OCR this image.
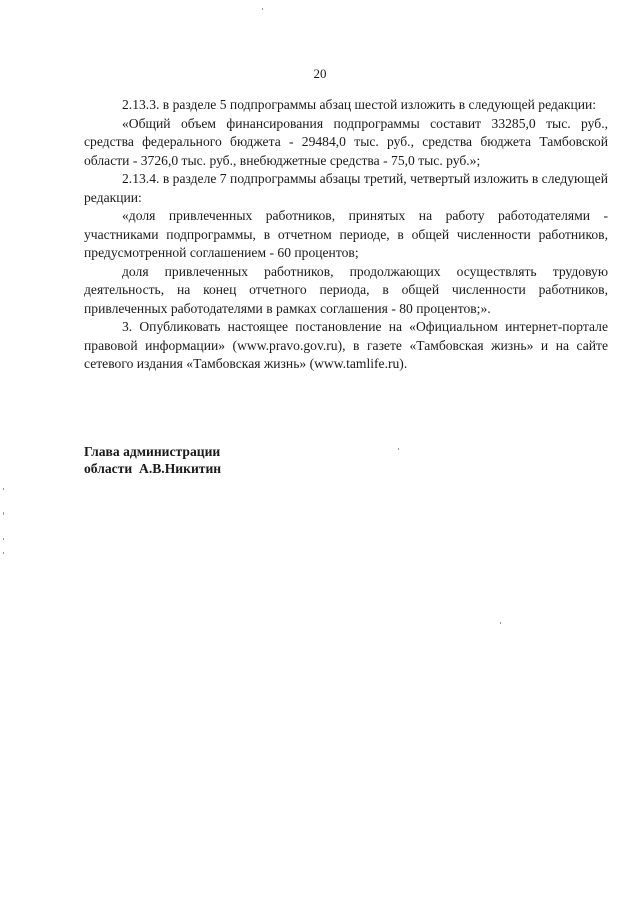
20

2.13.3. в разделе 5 подпрограммы абзац шестой изложить в следующей редакции:

«Общий объем финансирования подпрограммы составит 33285,0 тыс. руб., средства федерального бюджета - 29484,0 тыс. руб., средства бюджета Тамбовской области - 3726,0 тыс. руб., внебюджетные средства - 75,0 тыс. руб.»;

2.13.4. в разделе 7 подпрограммы абзацы третий, четвертый изложить в следующей редакции:

«доля привлеченных работников, принятых на работу работодателями - участниками подпрограммы, в отчетном периоде, в общей численности работников, предусмотренной соглашением - 60 процентов;

доля привлеченных работников, продолжающих осуществлять трудовую деятельность, на конец отчетного периода, в общей численности работников, привлеченных работодателями в рамках соглашения - 80 процентов;».

3. Опубликовать настоящее постановление на «Официальном интернет-портале правовой информации» (www.pravo.gov.ru), в газете «Тамбовская жизнь» и на сайте сетевого издания «Тамбовская жизнь» (www.tamlife.ru).

Глава администрации
области  А.В.Никитин
